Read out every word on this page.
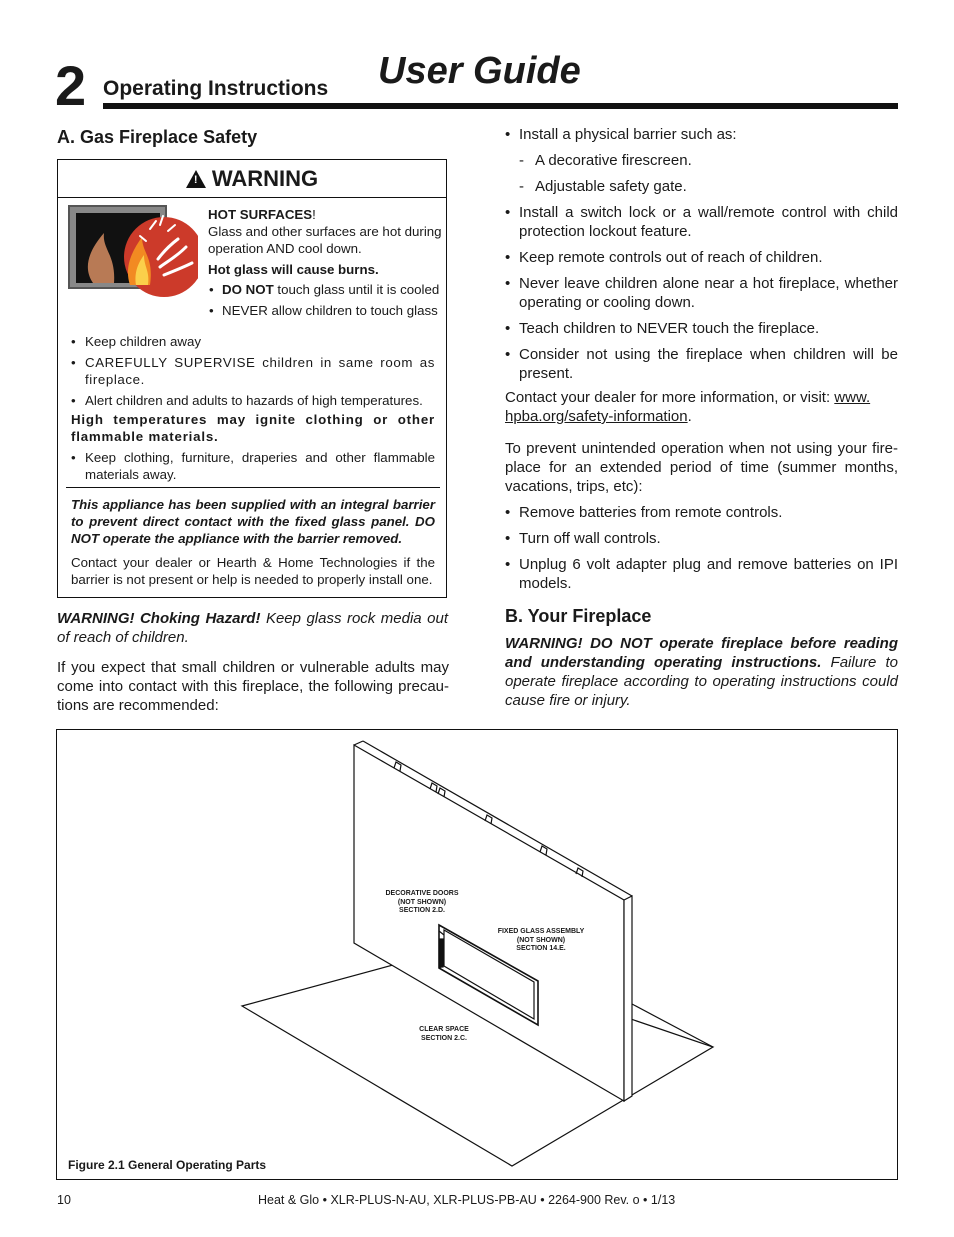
2 Operating Instructions User Guide
A. Gas Fireplace Safety
! WARNING

HOT SURFACES!

Glass and other surfaces are hot during operation AND cool down.

Hot glass will cause burns.

• DO NOT touch glass until it is cooled
• NEVER allow children to touch glass
• Keep children away
• CAREFULLY SUPERVISE children in same room as fireplace.
• Alert children and adults to hazards of high temperatures.
High temperatures may ignite clothing or other flammable materials.
• Keep clothing, furniture, draperies and other flammable materials away.
This appliance has been supplied with an integral barrier to prevent direct contact with the fixed glass panel. DO NOT operate the appliance with the barrier removed.
Contact your dealer or Hearth & Home Technologies if the barrier is not present or help is needed to properly install one.
WARNING! Choking Hazard! Keep glass rock media out of reach of children.
If you expect that small children or vulnerable adults may come into contact with this fireplace, the following precautions are recommended:
• Install a physical barrier such as:
- A decorative firescreen.
- Adjustable safety gate.
• Install a switch lock or a wall/remote control with child protection lockout feature.
• Keep remote controls out of reach of children.
• Never leave children alone near a hot fireplace, whether operating or cooling down.
• Teach children to NEVER touch the fireplace.
• Consider not using the fireplace when children will be present.
Contact your dealer for more information, or visit: www.
hpba.org/safety-information.
To prevent unintended operation when not using your fireplace for an extended period of time (summer months, vacations, trips, etc):
• Remove batteries from remote controls.
• Turn off wall controls.
• Unplug 6 volt adapter plug and remove batteries on IPI models.
B. Your Fireplace
WARNING! DO NOT operate fireplace before reading and understanding operating instructions. Failure to operate fireplace according to operating instructions could cause fire or injury.
DECORATIVE DOORS
(NOT SHOWN)
SECTION 2.D.
FIXED GLASS ASSEMBLY
(NOT SHOWN)
SECTION 14.E.
CLEAR SPACE
SECTION 2.C.
Figure 2.1 General Operating Parts
10	Heat & Glo • XLR-PLUS-N-AU, XLR-PLUS-PB-AU • 2264-900 Rev. o • 1/13
